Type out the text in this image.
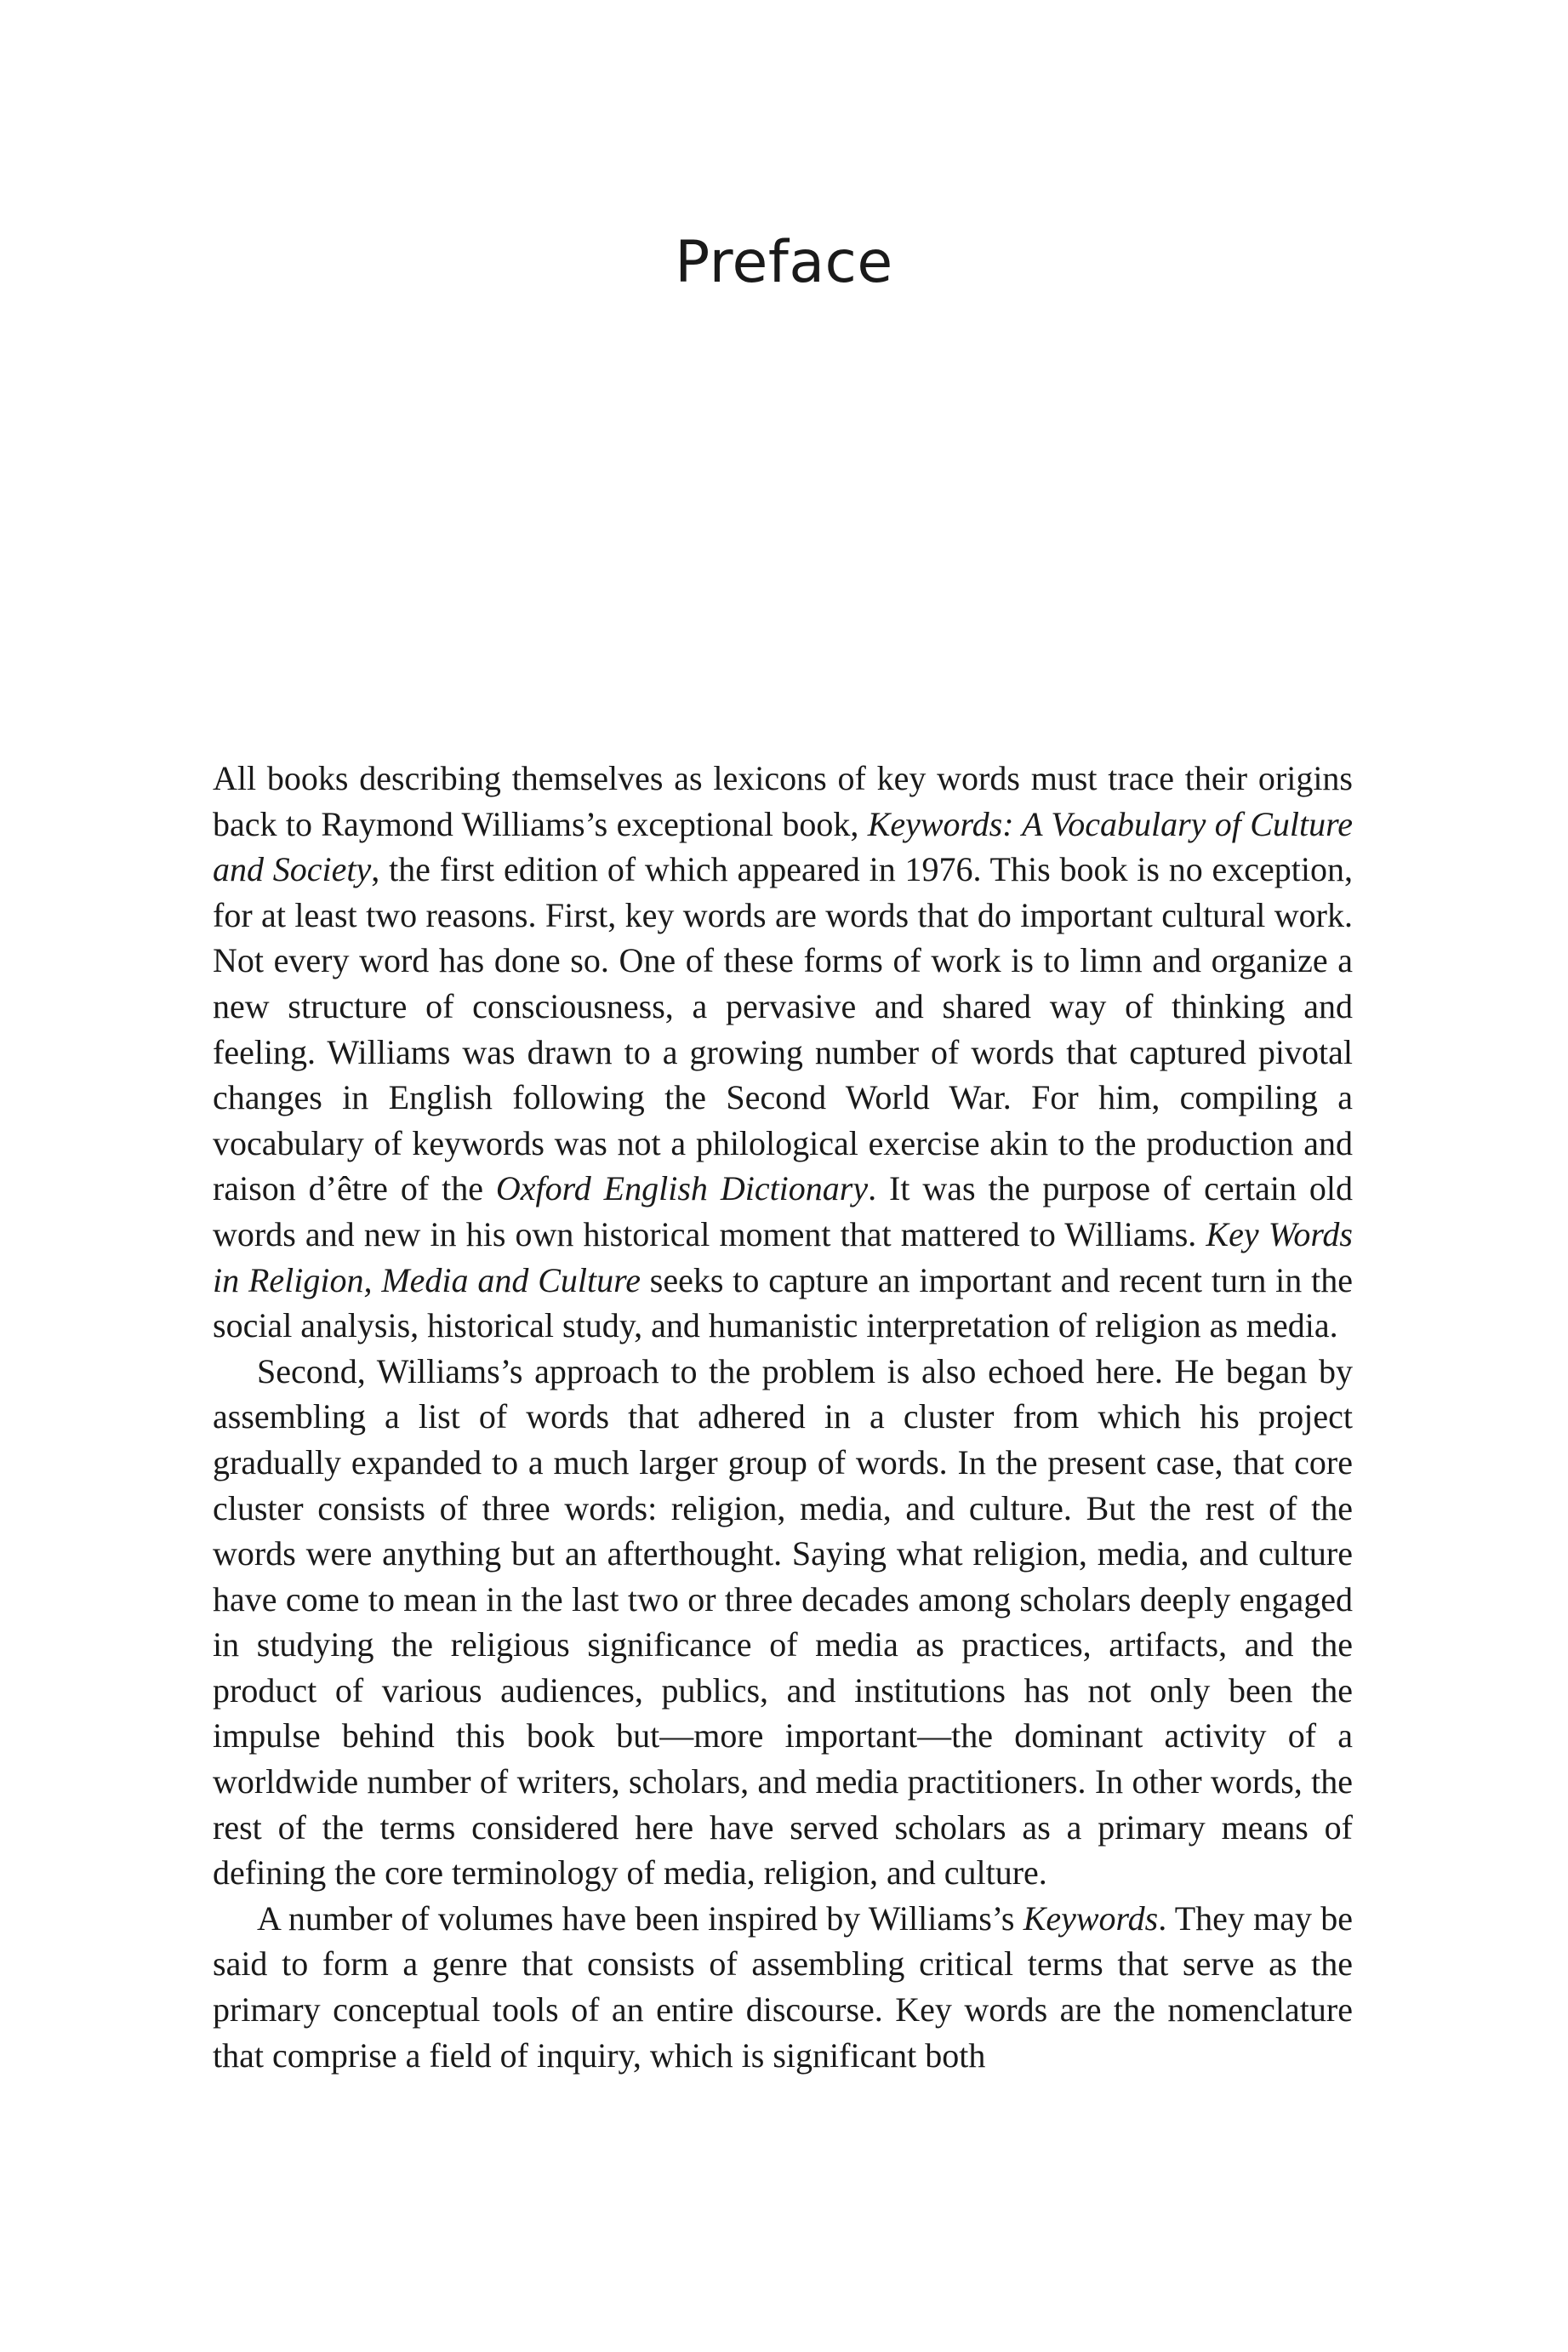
Preface

All books describing themselves as lexicons of key words must trace their origins back to Raymond Williams’s exceptional book, Keywords: A Vocabulary of Culture and Society, the first edition of which appeared in 1976. This book is no exception, for at least two reasons. First, key words are words that do important cultural work. Not every word has done so. One of these forms of work is to limn and organize a new structure of consciousness, a pervasive and shared way of thinking and feeling. Williams was drawn to a growing number of words that captured pivotal changes in English following the Second World War. For him, compiling a vocabulary of keywords was not a philological exercise akin to the production and raison d’être of the Oxford English Dictionary. It was the purpose of certain old words and new in his own historical moment that mattered to Williams. Key Words in Religion, Media and Culture seeks to capture an important and recent turn in the social analysis, historical study, and humanistic interpretation of religion as media.

Second, Williams’s approach to the problem is also echoed here. He began by assembling a list of words that adhered in a cluster from which his project gradually expanded to a much larger group of words. In the present case, that core cluster consists of three words: religion, media, and culture. But the rest of the words were anything but an afterthought. Saying what religion, media, and culture have come to mean in the last two or three decades among scholars deeply engaged in studying the religious significance of media as practices, artifacts, and the product of various audiences, publics, and institutions has not only been the impulse behind this book but—more important—the dominant activity of a worldwide number of writers, scholars, and media practitioners. In other words, the rest of the terms considered here have served scholars as a primary means of defining the core terminology of media, religion, and culture.

A number of volumes have been inspired by Williams’s Keywords. They may be said to form a genre that consists of assembling critical terms that serve as the primary conceptual tools of an entire discourse. Key words are the nomenclature that comprise a field of inquiry, which is significant both
